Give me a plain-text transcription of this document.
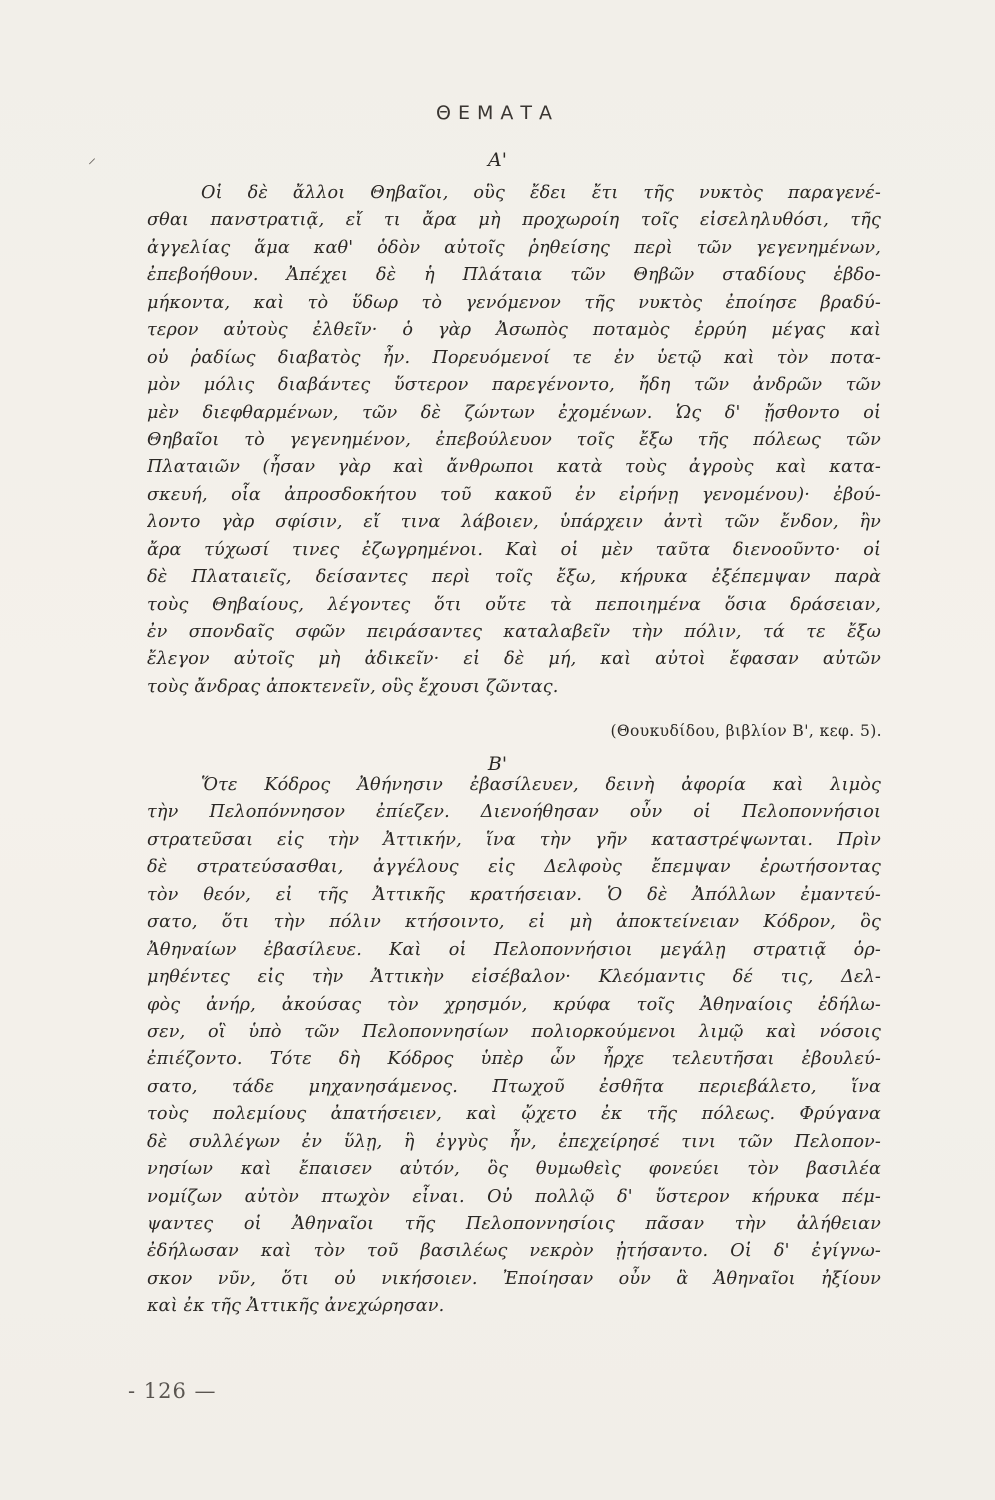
⸝
ΘΕΜΑΤΑ
Α'
Οἱ δὲ ἄλλοι Θηβαῖοι, οὓς ἔδει ἔτι τῆς νυκτὸς παραγενέ-
σθαι πανστρατιᾷ, εἴ τι ἄρα μὴ προχωροίη τοῖς εἰσεληλυθόσι, τῆς
ἀγγελίας ἅμα καθ' ὁδὸν αὐτοῖς ῥηθείσης περὶ τῶν γεγενημένων,
ἐπεβοήθουν. Ἀπέχει δὲ ἡ Πλάταια τῶν Θηβῶν σταδίους ἑβδο-
μήκοντα, καὶ τὸ ὕδωρ τὸ γενόμενον τῆς νυκτὸς ἐποίησε βραδύ-
τερον αὐτοὺς ἐλθεῖν· ὁ γὰρ Ἀσωπὸς ποταμὸς ἐρρύη μέγας καὶ
οὐ ῥαδίως διαβατὸς ἦν. Πορευόμενοί τε ἐν ὑετῷ καὶ τὸν ποτα-
μὸν μόλις διαβάντες ὕστερον παρεγένοντο, ἤδη τῶν ἀνδρῶν τῶν
μὲν διεφθαρμένων, τῶν δὲ ζώντων ἐχομένων. Ὡς δ' ᾔσθοντο οἱ
Θηβαῖοι τὸ γεγενημένον, ἐπεβούλευον τοῖς ἔξω τῆς πόλεως τῶν
Πλαταιῶν (ἦσαν γὰρ καὶ ἄνθρωποι κατὰ τοὺς ἀγροὺς καὶ κατα-
σκευή, οἷα ἀπροσδοκήτου τοῦ κακοῦ ἐν εἰρήνῃ γενομένου)· ἐβού-
λοντο γὰρ σφίσιν, εἴ τινα λάβοιεν, ὑπάρχειν ἀντὶ τῶν ἔνδον, ἢν
ἄρα τύχωσί τινες ἐζωγρημένοι. Καὶ οἱ μὲν ταῦτα διενοοῦντο· οἱ
δὲ Πλαταιεῖς, δείσαντες περὶ τοῖς ἔξω, κήρυκα ἐξέπεμψαν παρὰ
τοὺς Θηβαίους, λέγοντες ὅτι οὔτε τὰ πεποιημένα ὅσια δράσειαν,
ἐν σπονδαῖς σφῶν πειράσαντες καταλαβεῖν τὴν πόλιν, τά τε ἔξω
ἔλεγον αὐτοῖς μὴ ἀδικεῖν· εἰ δὲ μή, καὶ αὐτοὶ ἔφασαν αὐτῶν
τοὺς ἄνδρας ἀποκτενεῖν, οὓς ἔχουσι ζῶντας.
(Θουκυδίδου, βιβλίον Β', κεφ. 5).
Β'
Ὅτε Κόδρος Ἀθήνησιν ἐβασίλευεν, δεινὴ ἀφορία καὶ λιμὸς
τὴν Πελοπόννησον ἐπίεζεν. Διενοήθησαν οὖν οἱ Πελοποννήσιοι
στρατεῦσαι εἰς τὴν Ἀττικήν, ἵνα τὴν γῆν καταστρέψωνται. Πρὶν
δὲ στρατεύσασθαι, ἀγγέλους εἰς Δελφοὺς ἔπεμψαν ἐρωτήσοντας
τὸν θεόν, εἰ τῆς Ἀττικῆς κρατήσειαν. Ὁ δὲ Ἀπόλλων ἐμαντεύ-
σατο, ὅτι τὴν πόλιν κτήσοιντο, εἰ μὴ ἀποκτείνειαν Κόδρον, ὃς
Ἀθηναίων ἐβασίλευε. Καὶ οἱ Πελοποννήσιοι μεγάλῃ στρατιᾷ ὁρ-
μηθέντες εἰς τὴν Ἀττικὴν εἰσέβαλον· Κλεόμαντις δέ τις, Δελ-
φὸς ἀνήρ, ἀκούσας τὸν χρησμόν, κρύφα τοῖς Ἀθηναίοις ἐδήλω-
σεν, οἳ ὑπὸ τῶν Πελοποννησίων πολιορκούμενοι λιμῷ καὶ νόσοις
ἐπιέζοντο. Τότε δὴ Κόδρος ὑπὲρ ὧν ἦρχε τελευτῆσαι ἐβουλεύ-
σατο, τάδε μηχανησάμενος. Πτωχοῦ ἐσθῆτα περιεβάλετο, ἵνα
τοὺς πολεμίους ἀπατήσειεν, καὶ ᾤχετο ἐκ τῆς πόλεως. Φρύγανα
δὲ συλλέγων ἐν ὕλῃ, ἣ ἐγγὺς ἦν, ἐπεχείρησέ τινι τῶν Πελοπον-
νησίων καὶ ἔπαισεν αὐτόν, ὃς θυμωθεὶς φονεύει τὸν βασιλέα
νομίζων αὐτὸν πτωχὸν εἶναι. Οὐ πολλῷ δ' ὕστερον κήρυκα πέμ-
ψαντες οἱ Ἀθηναῖοι τῆς Πελοποννησίοις πᾶσαν τὴν ἀλήθειαν
ἐδήλωσαν καὶ τὸν τοῦ βασιλέως νεκρὸν ᾐτήσαντο. Οἱ δ' ἐγίγνω-
σκον νῦν, ὅτι οὐ νικήσοιεν. Ἐποίησαν οὖν ἃ Ἀθηναῖοι ἠξίουν
καὶ ἐκ τῆς Ἀττικῆς ἀνεχώρησαν.
- 126 —
